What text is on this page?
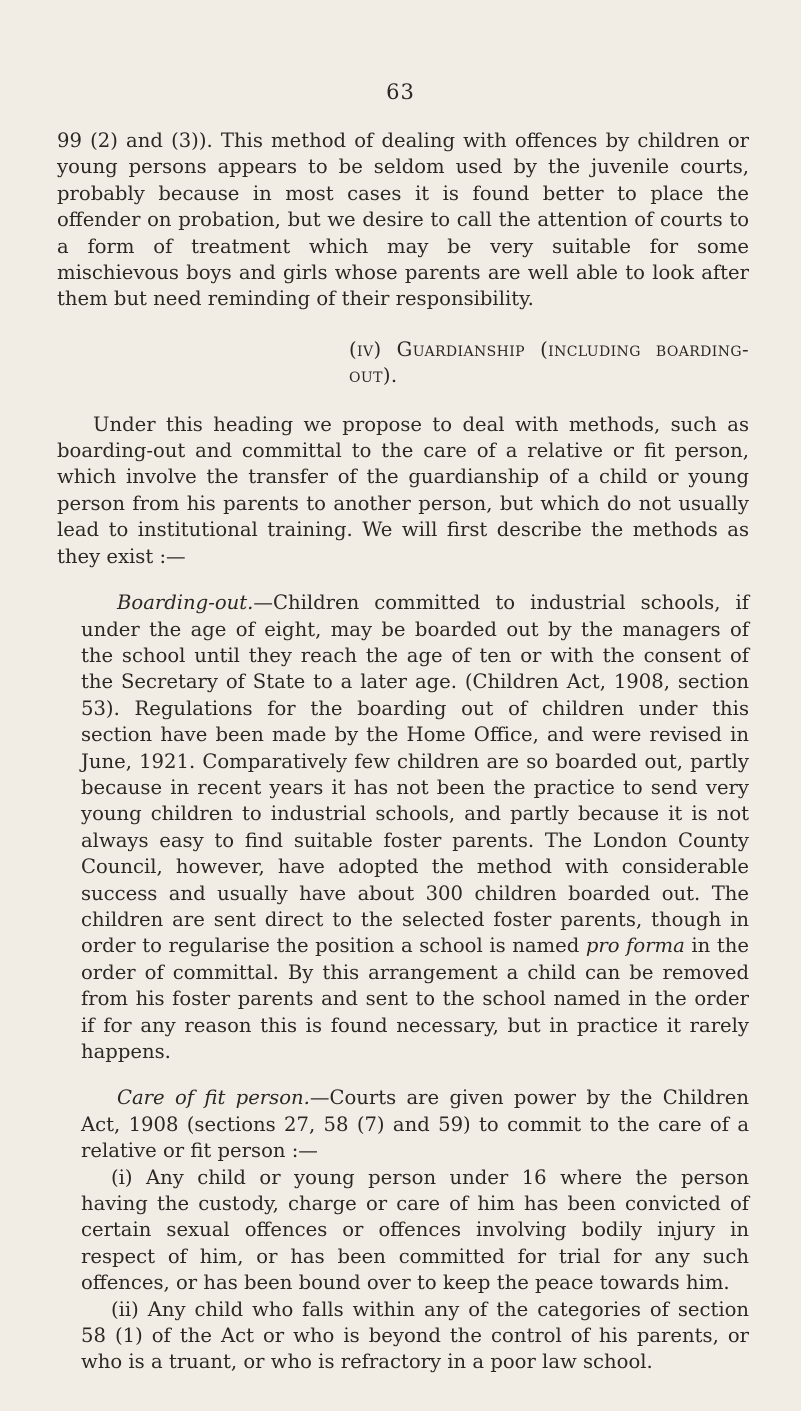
63

99 (2) and (3)). This method of dealing with offences by children or young persons appears to be seldom used by the juvenile courts, probably because in most cases it is found better to place the offender on probation, but we desire to call the attention of courts to a form of treatment which may be very suitable for some mischievous boys and girls whose parents are well able to look after them but need reminding of their responsibility.

(iv) Guardianship (including boarding-out).

Under this heading we propose to deal with methods, such as boarding-out and committal to the care of a relative or fit person, which involve the transfer of the guardianship of a child or young person from his parents to another person, but which do not usually lead to institutional training. We will first describe the methods as they exist :—

Boarding-out.—Children committed to industrial schools, if under the age of eight, may be boarded out by the managers of the school until they reach the age of ten or with the consent of the Secretary of State to a later age. (Children Act, 1908, section 53). Regulations for the boarding out of children under this section have been made by the Home Office, and were revised in June, 1921. Comparatively few children are so boarded out, partly because in recent years it has not been the practice to send very young children to industrial schools, and partly because it is not always easy to find suitable foster parents. The London County Council, however, have adopted the method with considerable success and usually have about 300 children boarded out. The children are sent direct to the selected foster parents, though in order to regularise the position a school is named pro forma in the order of committal. By this arrangement a child can be removed from his foster parents and sent to the school named in the order if for any reason this is found necessary, but in practice it rarely happens.

Care of fit person.—Courts are given power by the Children Act, 1908 (sections 27, 58 (7) and 59) to commit to the care of a relative or fit person :—

(i) Any child or young person under 16 where the person having the custody, charge or care of him has been convicted of certain sexual offences or offences involving bodily injury in respect of him, or has been committed for trial for any such offences, or has been bound over to keep the peace towards him.

(ii) Any child who falls within any of the categories of section 58 (1) of the Act or who is beyond the control of his parents, or who is a truant, or who is refractory in a poor law school.
